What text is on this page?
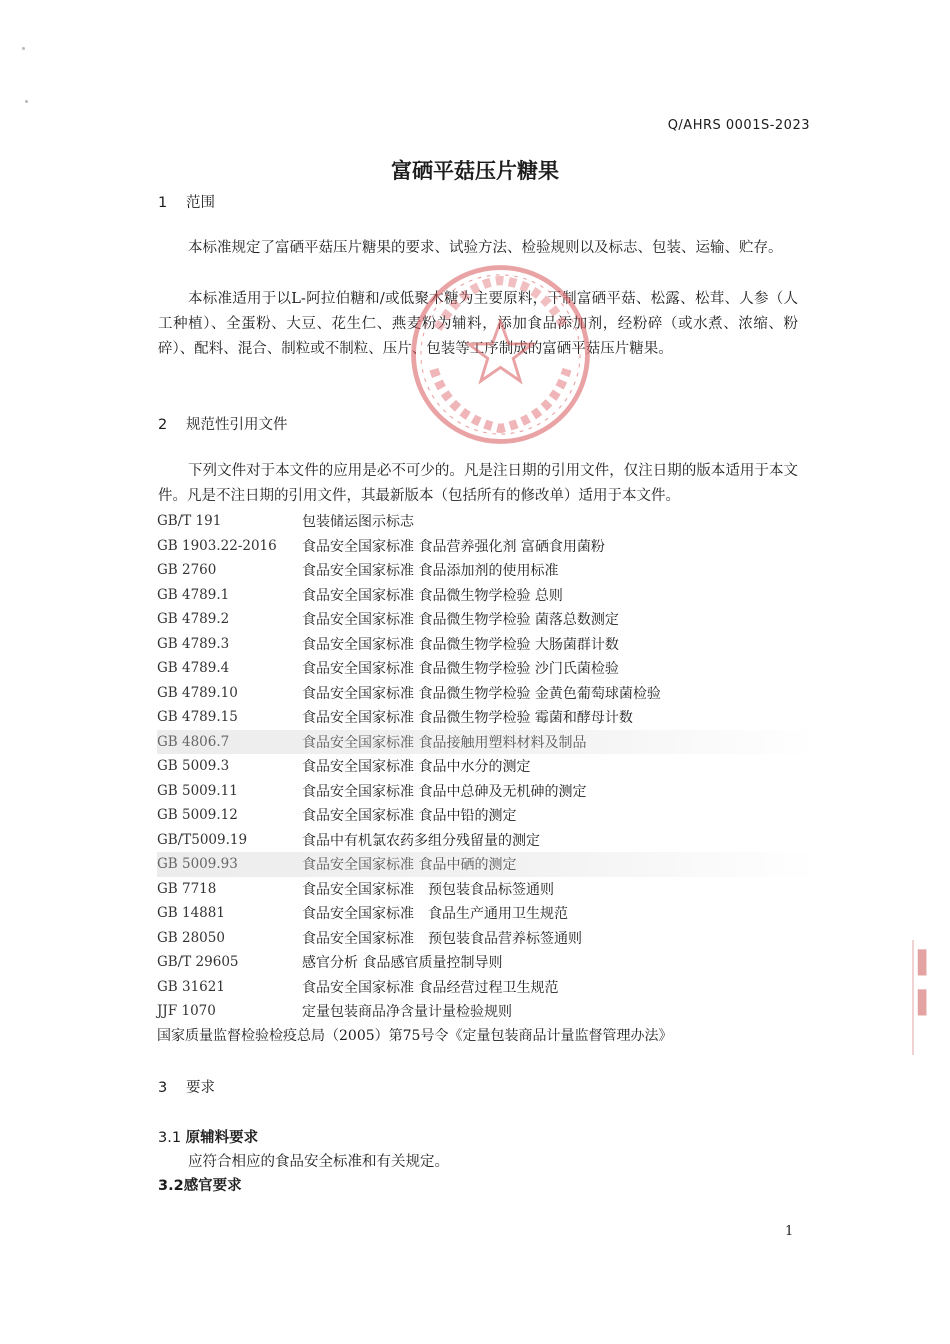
Q/AHRS 0001S-2023
富硒平菇压片糖果
1 范围
本标准规定了富硒平菇压片糖果的要求、试验方法、检验规则以及标志、包装、运输、贮存。
本标准适用于以L-阿拉伯糖和/或低聚木糖为主要原料，干制富硒平菇、松露、松茸、人参（人工种植）、全蛋粉、大豆、花生仁、燕麦粉为辅料，添加食品添加剂，经粉碎（或水煮、浓缩、粉碎）、配料、混合、制粒或不制粒、压片、包装等工序制成的富硒平菇压片糖果。
2 规范性引用文件
下列文件对于本文件的应用是必不可少的。凡是注日期的引用文件，仅注日期的版本适用于本文件。凡是不注日期的引用文件，其最新版本（包括所有的修改单）适用于本文件。
GB/T 191	包装储运图示标志
GB 1903.22-2016	食品安全国家标准 食品营养强化剂 富硒食用菌粉
GB 2760	食品安全国家标准 食品添加剂的使用标准
GB 4789.1	食品安全国家标准 食品微生物学检验 总则
GB 4789.2	食品安全国家标准 食品微生物学检验 菌落总数测定
GB 4789.3	食品安全国家标准 食品微生物学检验 大肠菌群计数
GB 4789.4	食品安全国家标准 食品微生物学检验 沙门氏菌检验
GB 4789.10	食品安全国家标准 食品微生物学检验 金黄色葡萄球菌检验
GB 4789.15	食品安全国家标准 食品微生物学检验 霉菌和酵母计数
GB 4806.7	食品安全国家标准 食品接触用塑料材料及制品
GB 5009.3	食品安全国家标准 食品中水分的测定
GB 5009.11	食品安全国家标准 食品中总砷及无机砷的测定
GB 5009.12	食品安全国家标准 食品中铅的测定
GB/T5009.19	食品中有机氯农药多组分残留量的测定
GB 5009.93	食品安全国家标准 食品中硒的测定
GB 7718	食品安全国家标准　预包装食品标签通则
GB 14881	食品安全国家标准　食品生产通用卫生规范
GB 28050	食品安全国家标准　预包装食品营养标签通则
GB/T 29605	感官分析 食品感官质量控制导则
GB 31621	食品安全国家标准 食品经营过程卫生规范
JJF 1070	定量包装商品净含量计量检验规则
国家质量监督检验检疫总局（2005）第75号令《定量包装商品计量监督管理办法》
3 要求
3.1 原辅料要求
应符合相应的食品安全标准和有关规定。
3.2感官要求
1
▌
▌
